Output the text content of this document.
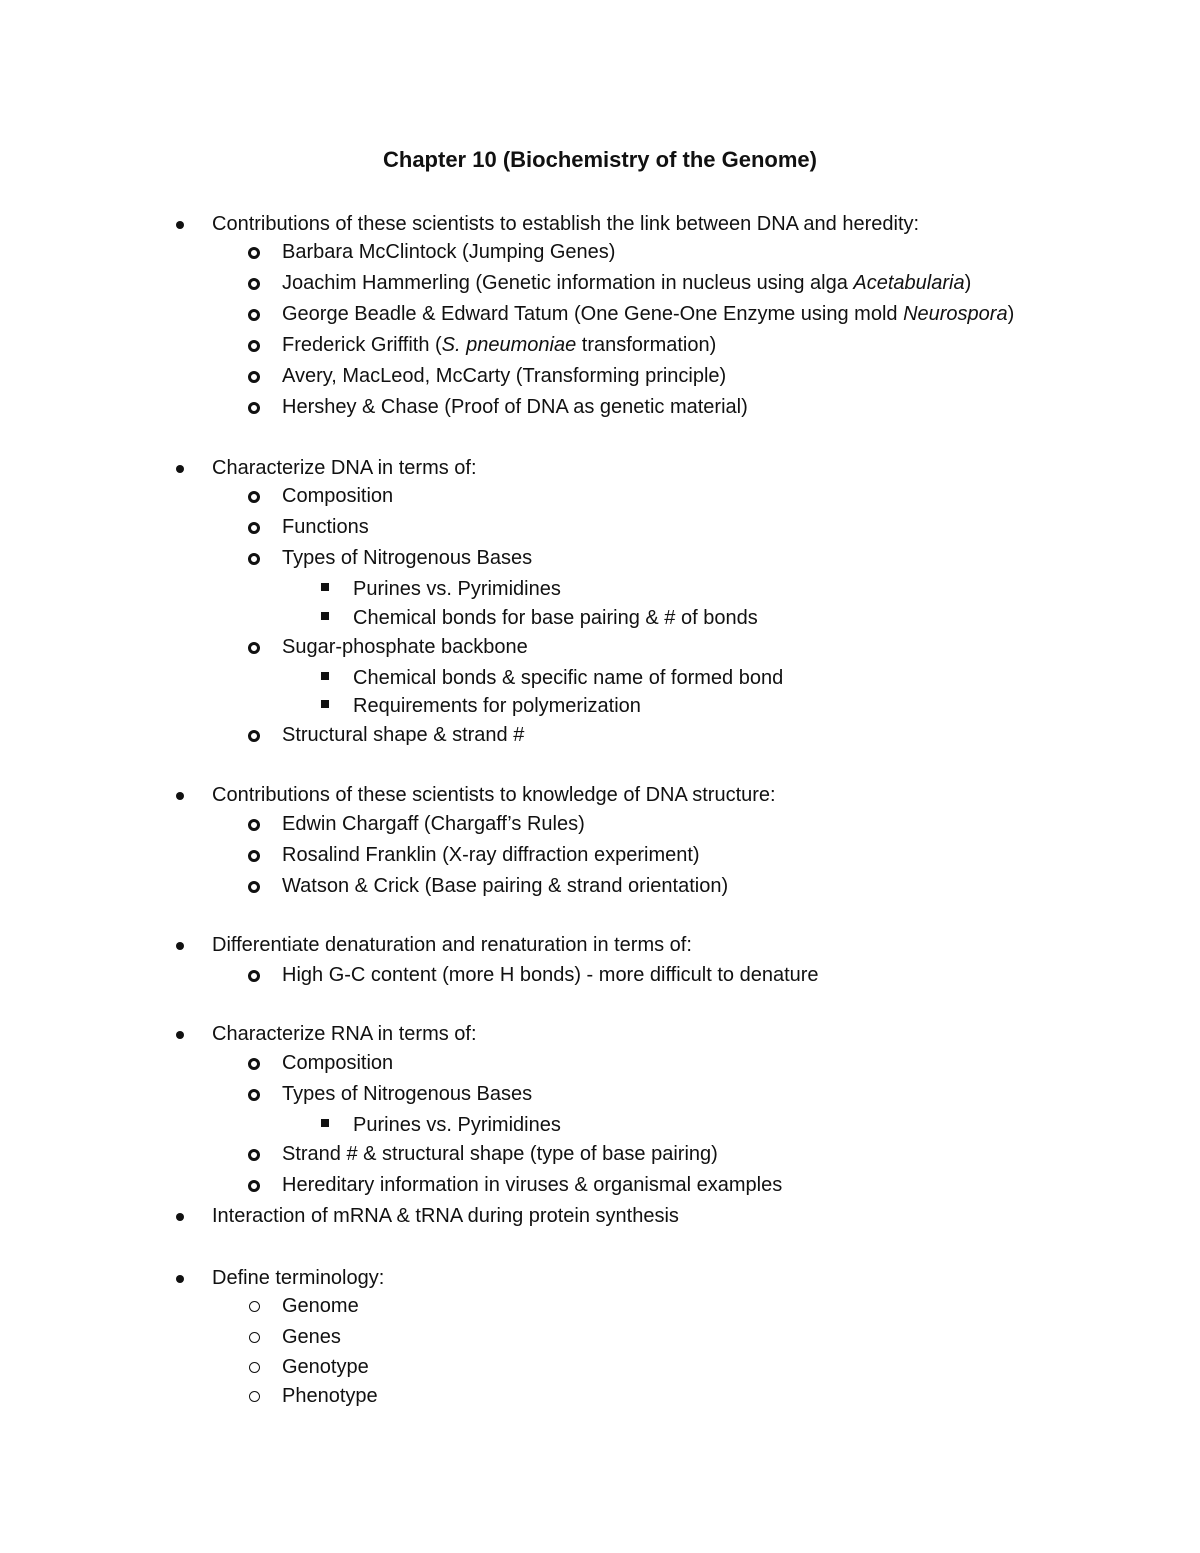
Chapter 10 (Biochemistry of the Genome)
Contributions of these scientists to establish the link between DNA and heredity:
Barbara McClintock (Jumping Genes)
Joachim Hammerling (Genetic information in nucleus using alga Acetabularia)
George Beadle & Edward Tatum (One Gene-One Enzyme using mold Neurospora)
Frederick Griffith (S. pneumoniae transformation)
Avery, MacLeod, McCarty (Transforming principle)
Hershey & Chase (Proof of DNA as genetic material)
Characterize DNA in terms of:
Composition
Functions
Types of Nitrogenous Bases
Purines vs. Pyrimidines
Chemical bonds for base pairing & # of bonds
Sugar-phosphate backbone
Chemical bonds & specific name of formed bond
Requirements for polymerization
Structural shape & strand #
Contributions of these scientists to knowledge of DNA structure:
Edwin Chargaff (Chargaff’s Rules)
Rosalind Franklin (X-ray diffraction experiment)
Watson & Crick (Base pairing & strand orientation)
Differentiate denaturation and renaturation in terms of:
High G-C content (more H bonds) - more difficult to denature
Characterize RNA in terms of:
Composition
Types of Nitrogenous Bases
Purines vs. Pyrimidines
Strand # & structural shape (type of base pairing)
Hereditary information in viruses & organismal examples
Interaction of mRNA & tRNA during protein synthesis
Define terminology:
Genome
Genes
Genotype
Phenotype
